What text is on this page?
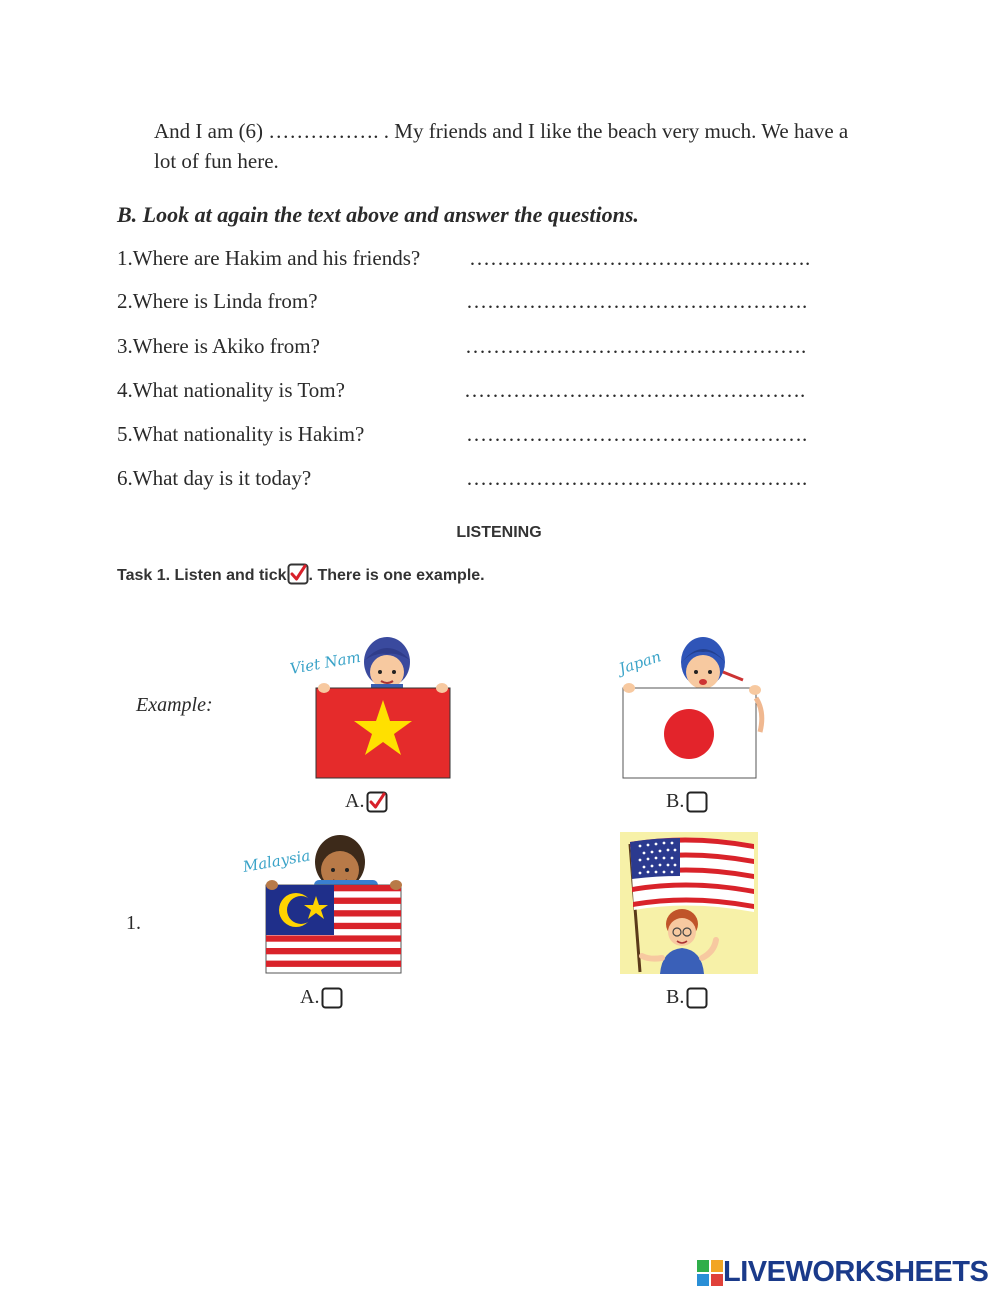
And I am (6) ……………. . My friends and I like the beach very much. We have a lot of fun here.
B. Look at again the text above and answer the questions.
1.Where are Hakim and his friends? ………………………………………….
2.Where is Linda from?	………………………………………….
3.Where is Akiko from?	………………………………………….
4.What nationality is Tom?	………………………………………….
5.What nationality is Hakim?	………………………………………….
6.What day is it today?	………………………………………….
LISTENING
Task 1. Listen and tick . There is one example.
Example:
Viet Nam
A.
Japan
B.
1.
Malaysia
A.	B.
LIVEWORKSHEETS
